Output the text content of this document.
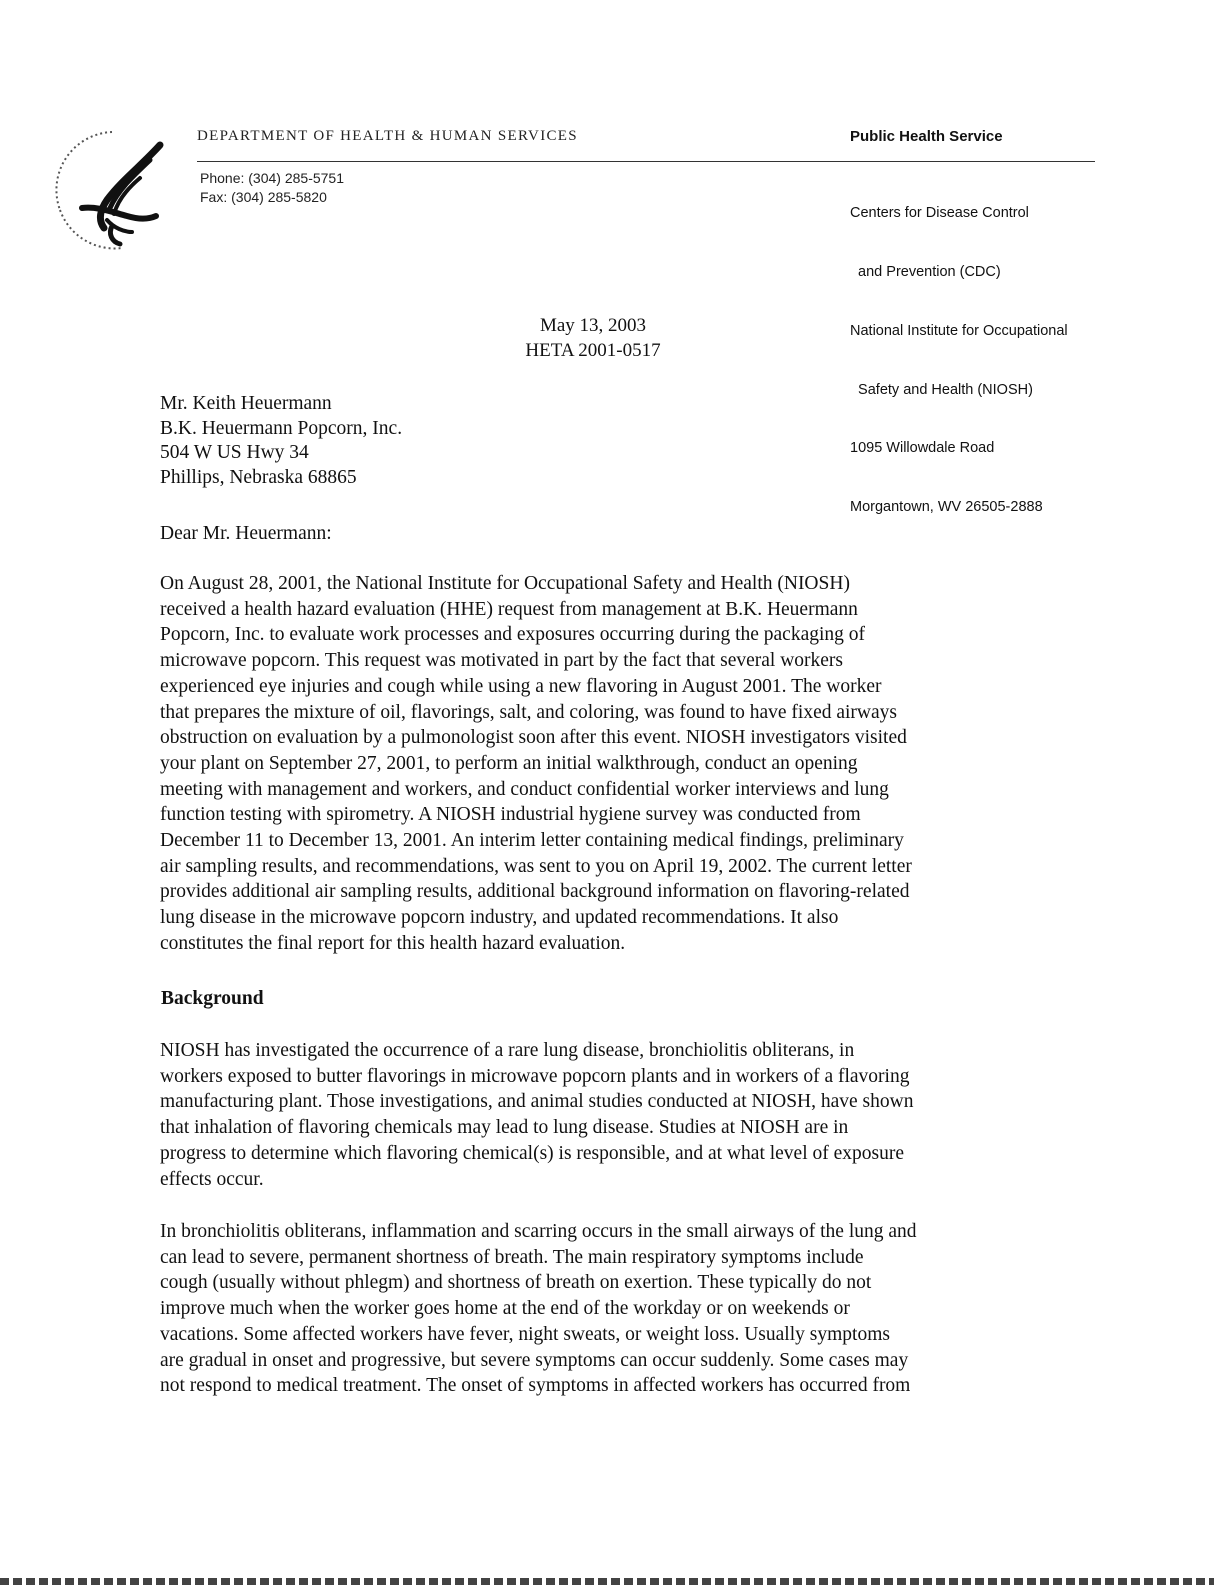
DEPARTMENT OF HEALTH & HUMAN SERVICES	Public Health Service
Phone: (304) 285-5751
Fax: (304) 285-5820

Centers for Disease Control

and Prevention (CDC)

National Institute for Occupational

Safety and Health (NIOSH)

1095 Willowdale Road

Morgantown, WV 26505-2888

May 13, 2003
HETA 2001-0517
Mr. Keith Heuermann
B.K. Heuermann Popcorn, Inc.
504 W US Hwy 34
Phillips, Nebraska 68865
Dear Mr. Heuermann:
On August 28, 2001, the National Institute for Occupational Safety and Health (NIOSH)
received a health hazard evaluation (HHE) request from management at B.K. Heuermann
Popcorn, Inc. to evaluate work processes and exposures occurring during the packaging of
microwave popcorn. This request was motivated in part by the fact that several workers
experienced eye injuries and cough while using a new flavoring in August 2001. The worker
that prepares the mixture of oil, flavorings, salt, and coloring, was found to have fixed airways
obstruction on evaluation by a pulmonologist soon after this event. NIOSH investigators visited
your plant on September 27, 2001, to perform an initial walkthrough, conduct an opening
meeting with management and workers, and conduct confidential worker interviews and lung
function testing with spirometry. A NIOSH industrial hygiene survey was conducted from
December 11 to December 13, 2001. An interim letter containing medical findings, preliminary
air sampling results, and recommendations, was sent to you on April 19, 2002. The current letter
provides additional air sampling results, additional background information on flavoring-related
lung disease in the microwave popcorn industry, and updated recommendations. It also
constitutes the final report for this health hazard evaluation.
Background
NIOSH has investigated the occurrence of a rare lung disease, bronchiolitis obliterans, in
workers exposed to butter flavorings in microwave popcorn plants and in workers of a flavoring
manufacturing plant. Those investigations, and animal studies conducted at NIOSH, have shown
that inhalation of flavoring chemicals may lead to lung disease. Studies at NIOSH are in
progress to determine which flavoring chemical(s) is responsible, and at what level of exposure
effects occur.
In bronchiolitis obliterans, inflammation and scarring occurs in the small airways of the lung and
can lead to severe, permanent shortness of breath. The main respiratory symptoms include
cough (usually without phlegm) and shortness of breath on exertion. These typically do not
improve much when the worker goes home at the end of the workday or on weekends or
vacations. Some affected workers have fever, night sweats, or weight loss. Usually symptoms
are gradual in onset and progressive, but severe symptoms can occur suddenly. Some cases may
not respond to medical treatment. The onset of symptoms in affected workers has occurred from
